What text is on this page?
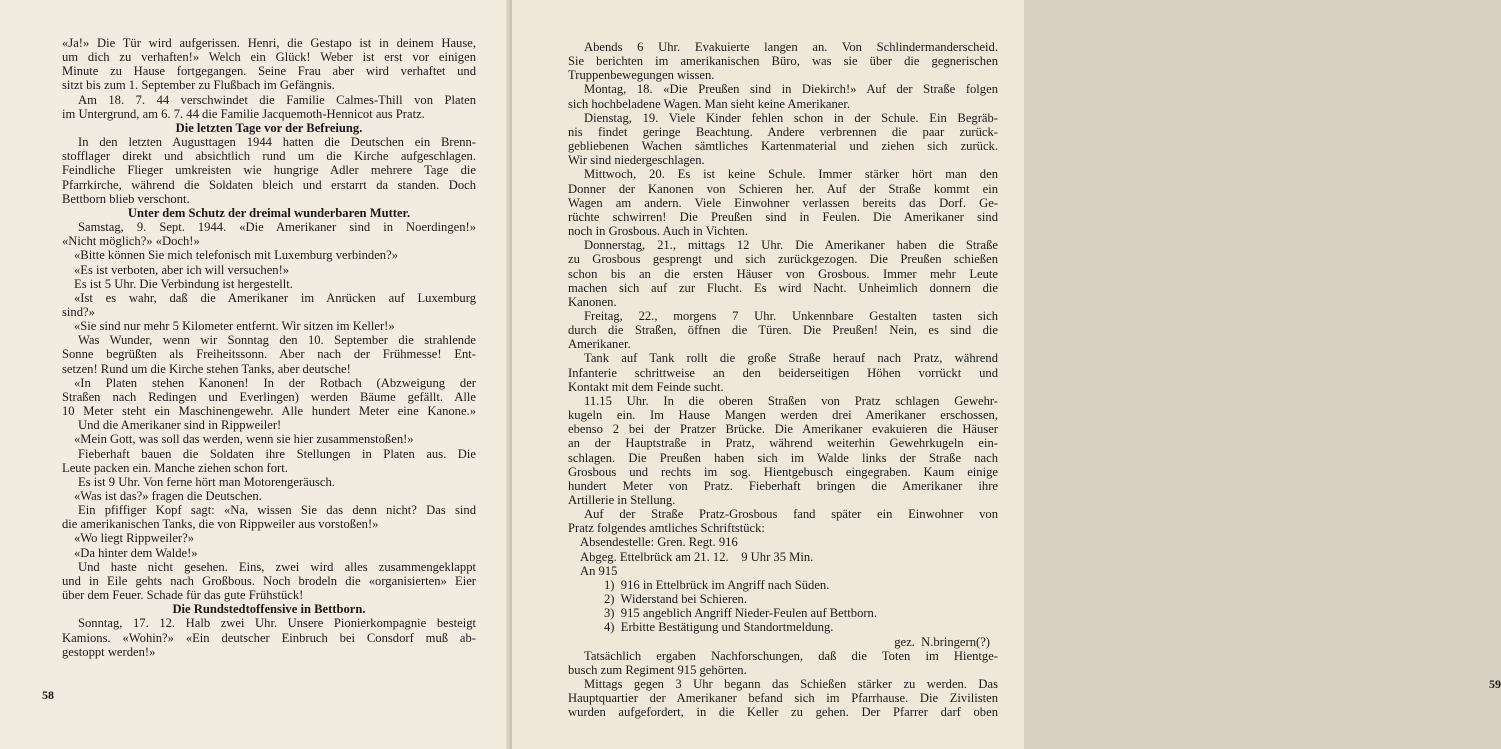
«Ja!» Die Tür wird aufgerissen. Henri, die Gestapo ist in deinem Hause,

um dich zu verhaften!» Welch ein Glück! Weber ist erst vor einigen

Minute zu Hause fortgegangen. Seine Frau aber wird verhaftet und

sitzt bis zum 1. September zu Flußbach im Gefängnis.

Am 18. 7. 44 verschwindet die Familie Calmes-Thill von Platen

im Untergrund, am 6. 7. 44 die Familie Jacquemoth-Hennicot aus Pratz.

Die letzten Tage vor der Befreiung.

In den letzten Augusttagen 1944 hatten die Deutschen ein Brenn-

stofflager direkt und absichtlich rund um die Kirche aufgeschlagen.

Feindliche Flieger umkreisten wie hungrige Adler mehrere Tage die

Pfarrkirche, während die Soldaten bleich und erstarrt da standen. Doch

Bettborn blieb verschont.

Unter dem Schutz der dreimal wunderbaren Mutter.

Samstag, 9. Sept. 1944. «Die Amerikaner sind in Noerdingen!»

«Nicht möglich?» «Doch!»

«Bitte können Sie mich telefonisch mit Luxemburg verbinden?»

«Es ist verboten, aber ich will versuchen!»

Es ist 5 Uhr. Die Verbindung ist hergestellt.

«Ist es wahr, daß die Amerikaner im Anrücken auf Luxemburg

sind?»

«Sie sind nur mehr 5 Kilometer entfernt. Wir sitzen im Keller!»

Was Wunder, wenn wir Sonntag den 10. September die strahlende

Sonne begrüßten als Freiheitssonn. Aber nach der Frühmesse! Ent-

setzen! Rund um die Kirche stehen Tanks, aber deutsche!

«In Platen stehen Kanonen! In der Rotbach (Abzweigung der

Straßen nach Redingen und Everlingen) werden Bäume gefällt. Alle

10 Meter steht ein Maschinengewehr. Alle hundert Meter eine Kanone.»

Und die Amerikaner sind in Rippweiler!

«Mein Gott, was soll das werden, wenn sie hier zusammenstoßen!»

Fieberhaft bauen die Soldaten ihre Stellungen in Platen aus. Die

Leute packen ein. Manche ziehen schon fort.

Es ist 9 Uhr. Von ferne hört man Motorengeräusch.

«Was ist das?» fragen die Deutschen.

Ein pfiffiger Kopf sagt: «Na, wissen Sie das denn nicht? Das sind

die amerikanischen Tanks, die von Rippweiler aus vorstoßen!»

«Wo liegt Rippweiler?»

«Da hinter dem Walde!»

Und haste nicht gesehen. Eins, zwei wird alles zusammengeklappt

und in Eile gehts nach Großbous. Noch brodeln die «organisierten» Eier

über dem Feuer. Schade für das gute Frühstück!

Die Rundstedtoffensive in Bettborn.

Sonntag, 17. 12. Halb zwei Uhr. Unsere Pionierkompagnie besteigt

Kamions. «Wohin?» «Ein deutscher Einbruch bei Consdorf muß ab-

gestoppt werden!»

58

Abends 6 Uhr. Evakuierte langen an. Von Schlindermanderscheid.

Sie berichten im amerikanischen Büro, was sie über die gegnerischen

Truppenbewegungen wissen.

Montag, 18. «Die Preußen sind in Diekirch!» Auf der Straße folgen

sich hochbeladene Wagen. Man sieht keine Amerikaner.

Dienstag, 19. Viele Kinder fehlen schon in der Schule. Ein Begräb-

nis findet geringe Beachtung. Andere verbrennen die paar zurück-

gebliebenen Wachen sämtliches Kartenmaterial und ziehen sich zurück.

Wir sind niedergeschlagen.

Mittwoch, 20. Es ist keine Schule. Immer stärker hört man den

Donner der Kanonen von Schieren her. Auf der Straße kommt ein

Wagen am andern. Viele Einwohner verlassen bereits das Dorf. Ge-

rüchte schwirren! Die Preußen sind in Feulen. Die Amerikaner sind

noch in Grosbous. Auch in Vichten.

Donnerstag, 21., mittags 12 Uhr. Die Amerikaner haben die Straße

zu Grosbous gesprengt und sich zurückgezogen. Die Preußen schießen

schon bis an die ersten Häuser von Grosbous. Immer mehr Leute

machen sich auf zur Flucht. Es wird Nacht. Unheimlich donnern die

Kanonen.

Freitag, 22., morgens 7 Uhr. Unkennbare Gestalten tasten sich

durch die Straßen, öffnen die Türen. Die Preußen! Nein, es sind die

Amerikaner.

Tank auf Tank rollt die große Straße herauf nach Pratz, während

Infanterie schrittweise an den beiderseitigen Höhen vorrückt und

Kontakt mit dem Feinde sucht.

11.15 Uhr. In die oberen Straßen von Pratz schlagen Gewehr-

kugeln ein. Im Hause Mangen werden drei Amerikaner erschossen,

ebenso 2 bei der Pratzer Brücke. Die Amerikaner evakuieren die Häuser

an der Hauptstraße in Pratz, während weiterhin Gewehrkugeln ein-

schlagen. Die Preußen haben sich im Walde links der Straße nach

Grosbous und rechts im sog. Hientgebusch eingegraben. Kaum einige

hundert Meter von Pratz. Fieberhaft bringen die Amerikaner ihre

Artillerie in Stellung.

Auf der Straße Pratz-Grosbous fand später ein Einwohner von

Pratz folgendes amtliches Schriftstück:

Absendestelle: Gren. Regt. 916

Abgeg. Ettelbrück am 21. 12.    9 Uhr 35 Min.

An 915

1)  916 in Ettelbrück im Angriff nach Süden.

2)  Widerstand bei Schieren.

3)  915 angeblich Angriff Nieder-Feulen auf Bettborn.

4)  Erbitte Bestätigung und Standortmeldung.

gez.  N.bringern(?)

Tatsächlich ergaben Nachforschungen, daß die Toten im Hientge-

busch zum Regiment 915 gehörten.

Mittags gegen 3 Uhr begann das Schießen stärker zu werden. Das

Hauptquartier der Amerikaner befand sich im Pfarrhause. Die Zivilisten

wurden aufgefordert, in die Keller zu gehen. Der Pfarrer darf oben

59
